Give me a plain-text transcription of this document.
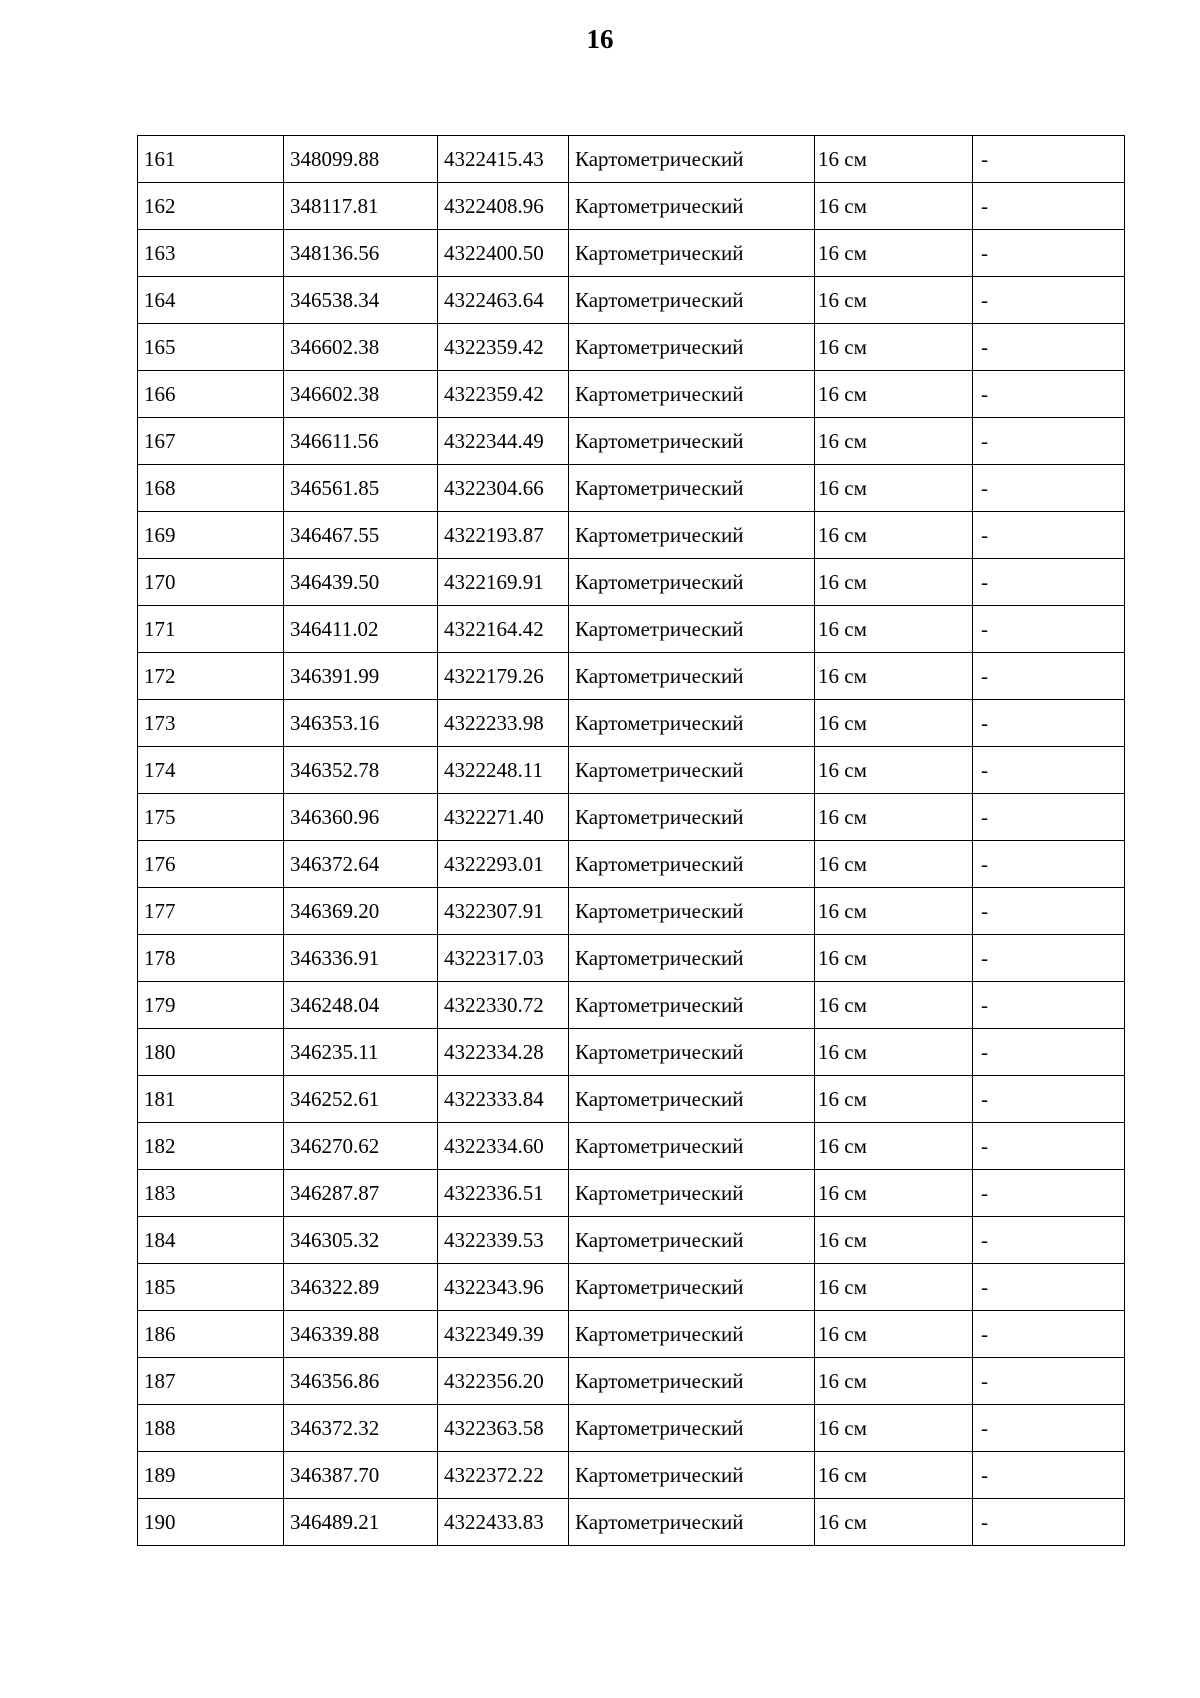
16
161	348099.88	4322415.43	Картометрический	16 см	-
162	348117.81	4322408.96	Картометрический	16 см	-
163	348136.56	4322400.50	Картометрический	16 см	-
164	346538.34	4322463.64	Картометрический	16 см	-
165	346602.38	4322359.42	Картометрический	16 см	-
166	346602.38	4322359.42	Картометрический	16 см	-
167	346611.56	4322344.49	Картометрический	16 см	-
168	346561.85	4322304.66	Картометрический	16 см	-
169	346467.55	4322193.87	Картометрический	16 см	-
170	346439.50	4322169.91	Картометрический	16 см	-
171	346411.02	4322164.42	Картометрический	16 см	-
172	346391.99	4322179.26	Картометрический	16 см	-
173	346353.16	4322233.98	Картометрический	16 см	-
174	346352.78	4322248.11	Картометрический	16 см	-
175	346360.96	4322271.40	Картометрический	16 см	-
176	346372.64	4322293.01	Картометрический	16 см	-
177	346369.20	4322307.91	Картометрический	16 см	-
178	346336.91	4322317.03	Картометрический	16 см	-
179	346248.04	4322330.72	Картометрический	16 см	-
180	346235.11	4322334.28	Картометрический	16 см	-
181	346252.61	4322333.84	Картометрический	16 см	-
182	346270.62	4322334.60	Картометрический	16 см	-
183	346287.87	4322336.51	Картометрический	16 см	-
184	346305.32	4322339.53	Картометрический	16 см	-
185	346322.89	4322343.96	Картометрический	16 см	-
186	346339.88	4322349.39	Картометрический	16 см	-
187	346356.86	4322356.20	Картометрический	16 см	-
188	346372.32	4322363.58	Картометрический	16 см	-
189	346387.70	4322372.22	Картометрический	16 см	-
190	346489.21	4322433.83	Картометрический	16 см	-
